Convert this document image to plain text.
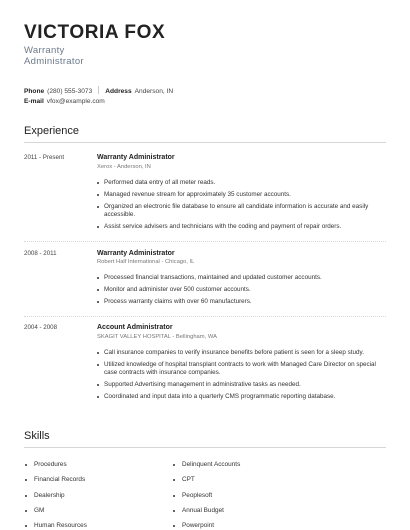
VICTORIA FOX
Warranty
Administrator
Phone (280) 555-3073 Address Anderson, IN
E-mail vfox@example.com
Experience
2011 - Present	Warranty Administrator
Xerox - Anderson, IN
Performed data entry of all meter reads.
Managed revenue stream for approximately 35 customer accounts.
Organized an electronic file database to ensure all candidate information is accurate and easily accessible.
Assist service advisers and technicians with the coding and payment of repair orders.
2008 - 2011	Warranty Administrator
Robert Half International - Chicago, IL
Processed financial transactions, maintained and updated customer accounts.
Monitor and administer over 500 customer accounts.
Process warranty claims with over 60 manufacturers.
2004 - 2008	Account Administrator
SKAGIT VALLEY HOSPITAL - Bellingham, WA
Call insurance companies to verify insurance benefits before patient is seen for a sleep study.
Utilized knowledge of hospital transplant contracts to work with Managed Care Director on special case contracts with insurance companies.
Supported Advertising management in administrative tasks as needed.
Coordinated and input data into a quarterly CMS programmatic reporting database.
Skills
Procedures
Financial Records
Dealership
GM
Human Resources
Delinquent Accounts
CPT
Peoplesoft
Annual Budget
Powerpoint
